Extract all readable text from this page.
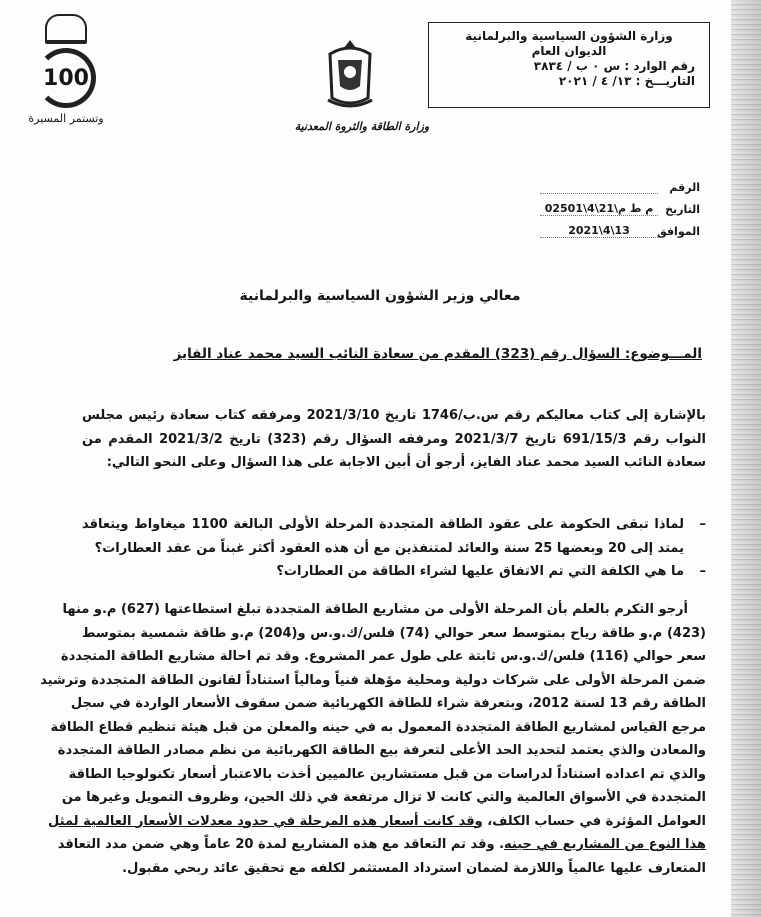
100
وتستمر المسيرة
وزارة الطاقة والثروة المعدنية
وزارة الشؤون السياسية والبرلمانية
الديوان العام
رقم الوارد : س ٠ ب / ٣٨٣٤
التاريـــخ : ١٣/ ٤ / ٢٠٢١
الرقم
التاريخ
م ط م\21\4\02501
الموافق
2021\4\13
معالي وزير الشؤون السياسية والبرلمانية
المـــوضوع: السؤال رقم (323) المقدم من سعادة النائب السيد محمد عناد الفايز
بالإشارة إلى كتاب معاليكم رقم س.ب/1746 تاريخ 2021/3/10 ومرفقه كتاب سعادة رئيس مجلس
النواب رقم 691/15/3 تاريخ 2021/3/7 ومرفقه السؤال رقم (323) تاريخ 2021/3/2 المقدم من
سعادة النائب السيد محمد عناد الفايز، أرجو أن أبين الاجابة على هذا السؤال وعلى النحو التالي:
–
لماذا تبقى الحكومة على عقود الطاقة المتجددة المرحلة الأولى البالغة 1100 ميغاواط ويتعاقد
يمتد إلى 20 وبعضها 25 سنة والعائد لمتنفذين مع أن هذه العقود أكثر غبناً من عقد العطارات؟
–
ما هي الكلفة التي تم الاتفاق عليها لشراء الطاقة من العطارات؟
أرجو التكرم بالعلم بأن المرحلة الأولى من مشاريع الطاقة المتجددة تبلغ استطاعتها (627) م.و منها
(423) م.و طاقة رياح بمتوسط سعر حوالي (74) فلس/ك.و.س و(204) م.و طاقة شمسية بمتوسط
سعر حوالي (116) فلس/ك.و.س ثابتة على طول عمر المشروع. وقد تم احالة مشاريع الطاقة المتجددة
ضمن المرحلة الأولى على شركات دولية ومحلية مؤهلة فنياً ومالياً استناداً لقانون الطاقة المتجددة وترشيد
الطاقة رقم 13 لسنة 2012، وبتعرفة شراء للطاقة الكهربائية ضمن سقوف الأسعار الواردة في سجل
مرجع القياس لمشاريع الطاقة المتجددة المعمول به في حينه والمعلن من قبل هيئة تنظيم قطاع الطاقة
والمعادن والذي يعتمد لتحديد الحد الأعلى لتعرفة بيع الطاقة الكهربائية من نظم مصادر الطاقة المتجددة
والذي تم اعداده استناداً لدراسات من قبل مستشارين عالميين أخذت بالاعتبار أسعار تكنولوجيا الطاقة
المتجددة في الأسواق العالمية والتي كانت لا تزال مرتفعة في ذلك الحين، وظروف التمويل وغيرها من
العوامل المؤثرة في حساب الكلف، وقد كانت أسعار هذه المرحلة في حدود معدلات الأسعار العالمية لمثل
هذا النوع من المشاريع في حينه. وقد تم التعاقد مع هذه المشاريع لمدة 20 عاماً وهي ضمن مدد التعاقد
المتعارف عليها عالمياً واللازمة لضمان استرداد المستثمر لكلفه مع تحقيق عائد ربحي مقبول.
